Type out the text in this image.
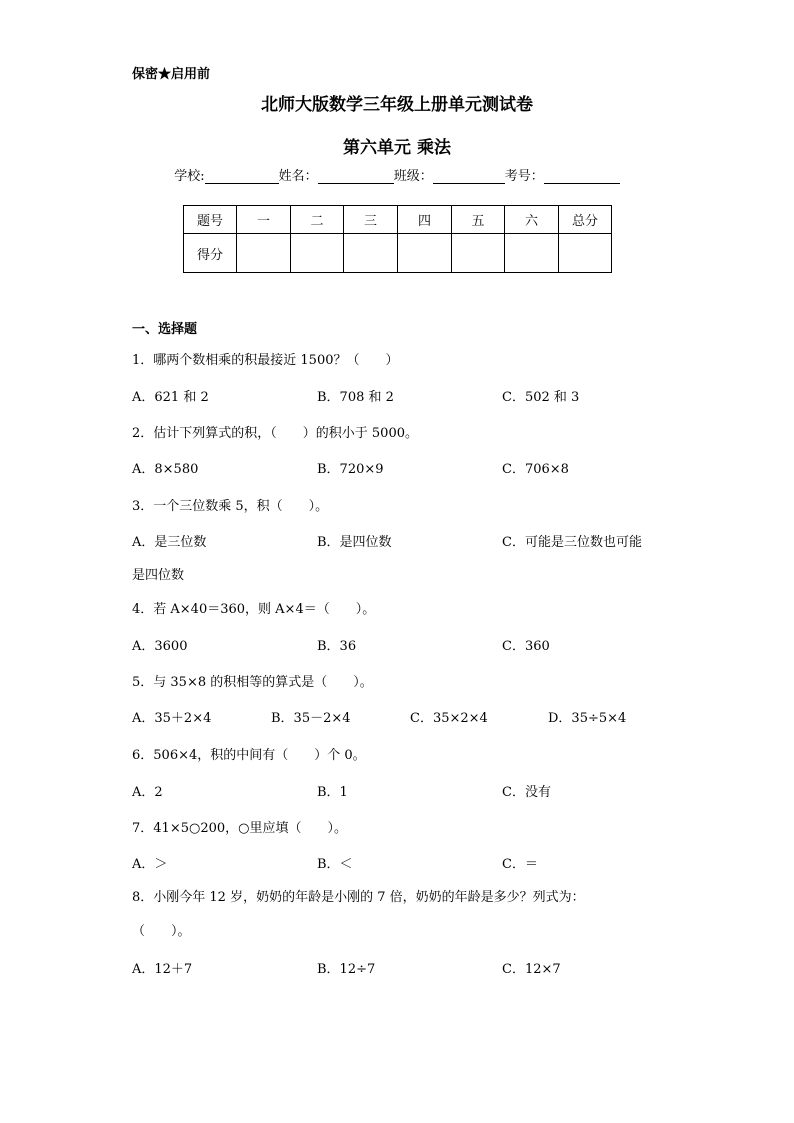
保密★启用前
北师大版数学三年级上册单元测试卷
第六单元 乘法
学校:	姓名：	班级：	考号：
题号	一	二	三	四	五	六	总分
得分							
一、选择题
1．哪两个数相乘的积最接近 1500？（　　）
A．621 和 2	B．708 和 2	C．502 和 3
2．估计下列算式的积，（　　）的积小于 5000。
A．8×580	B．720×9	C．706×8
3．一个三位数乘 5，积（　　）。
A．是三位数	B．是四位数	C．可能是三位数也可能
是四位数
4．若 A×40＝360，则 A×4＝（　　）。
A．3600	B．36	C．360
5．与 35×8 的积相等的算式是（　　）。
A．35＋2×4	B．35－2×4	C．35×2×4	D．35÷5×4
6．506×4，积的中间有（　　）个 0。
A．2	B．1	C．没有
7．41×5○200，○里应填（　　）。
A．＞	B．＜	C．＝
8．小刚今年 12 岁，奶奶的年龄是小刚的 7 倍，奶奶的年龄是多少？列式为：
（　　）。
A．12＋7	B．12÷7	C．12×7
